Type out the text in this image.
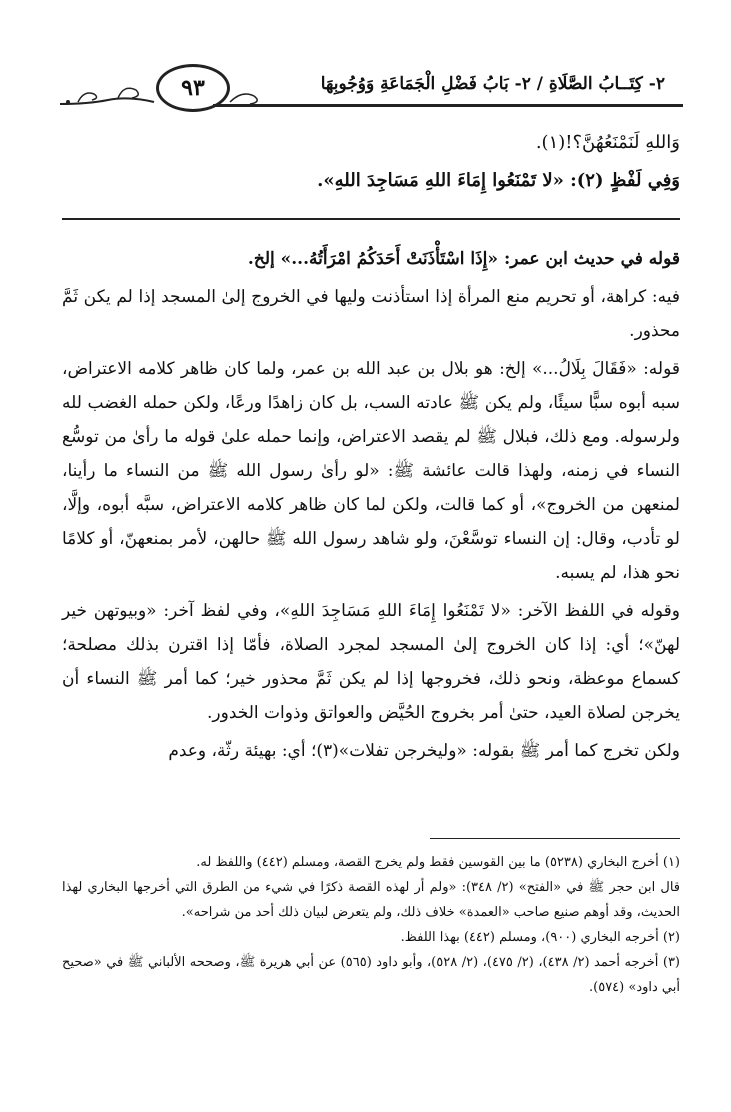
٩٣	٢- كِتَــابُ الصَّلَاةِ / ٢- بَابُ فَضْلِ الْجَمَاعَةِ وَوُجُوبِهَا

وَاللهِ لَنَمْنَعُهُنَّ؟!(١).

وَفِي لَفْظٍ (٢): «لا تَمْنَعُوا إِمَاءَ اللهِ مَسَاجِدَ اللهِ».

قوله في حديث ابن عمر: «إِذَا اسْتَأْذَنَتْ أَحَدَكُمُ امْرَأَتُهُ...» إلخ.

فيه: كراهة، أو تحريم منع المرأة إذا استأذنت وليها في الخروج إلىٰ المسجد إذا لم يكن ثَمَّ محذور.

قوله: «فَقَالَ بِلَالُ...» إلخ: هو بلال بن عبد الله بن عمر، ولما كان ظاهر كلامه الاعتراض، سبه أبوه سبًّا سيئًا، ولم يكن ﷺ عادته السب، بل كان زاهدًا ورعًا، ولكن حمله الغضب لله ولرسوله. ومع ذلك، فبلال ﷺ لم يقصد الاعتراض، وإنما حمله علىٰ قوله ما رأىٰ من توسُّع النساء في زمنه، ولهذا قالت عائشة ﷺ: «لو رأىٰ رسول الله ﷺ من النساء ما رأينا، لمنعهن من الخروج»، أو كما قالت، ولكن لما كان ظاهر كلامه الاعتراض، سبَّه أبوه، وإلَّا، لو تأدب، وقال: إن النساء توسَّعْنَ، ولو شاهد رسول الله ﷺ حالهن، لأمر بمنعهنّ، أو كلامًا نحو هذا، لم يسبه.

وقوله في اللفظ الآخر: «لا تَمْنَعُوا إِمَاءَ اللهِ مَسَاجِدَ اللهِ»، وفي لفظ آخر: «وبيوتهن خير لهنّ»؛ أي: إذا كان الخروج إلىٰ المسجد لمجرد الصلاة، فأمّا إذا اقترن بذلك مصلحة؛ كسماع موعظة، ونحو ذلك، فخروجها إذا لم يكن ثَمَّ محذور خير؛ كما أمر ﷺ النساء أن يخرجن لصلاة العيد، حتىٰ أمر بخروج الحُيَّض والعواتق وذوات الخدور.

ولكن تخرج كما أمر ﷺ بقوله: «وليخرجن تفلات»(٣)؛ أي: بهيئة رثّة، وعدم

(١) أخرج البخاري (٥٢٣٨) ما بين القوسين فقط ولم يخرج القصة، ومسلم (٤٤٢) واللفظ له.

قال ابن حجر ﷺ في «الفتح» (٢/ ٣٤٨): «ولم أر لهذه القصة ذكرًا في شيء من الطرق التي أخرجها البخاري لهذا الحديث، وقد أوهم صنيع صاحب «العمدة» خلاف ذلك، ولم يتعرض لبيان ذلك أحد من شراحه».

(٢) أخرجه البخاري (٩٠٠)، ومسلم (٤٤٢) بهذا اللفظ.

(٣) أخرجه أحمد (٢/ ٤٣٨)، (٢/ ٤٧٥)، (٢/ ٥٢٨)، وأبو داود (٥٦٥) عن أبي هريرة ﷺ، وصححه الألباني ﷺ في «صحيح أبي داود» (٥٧٤).
